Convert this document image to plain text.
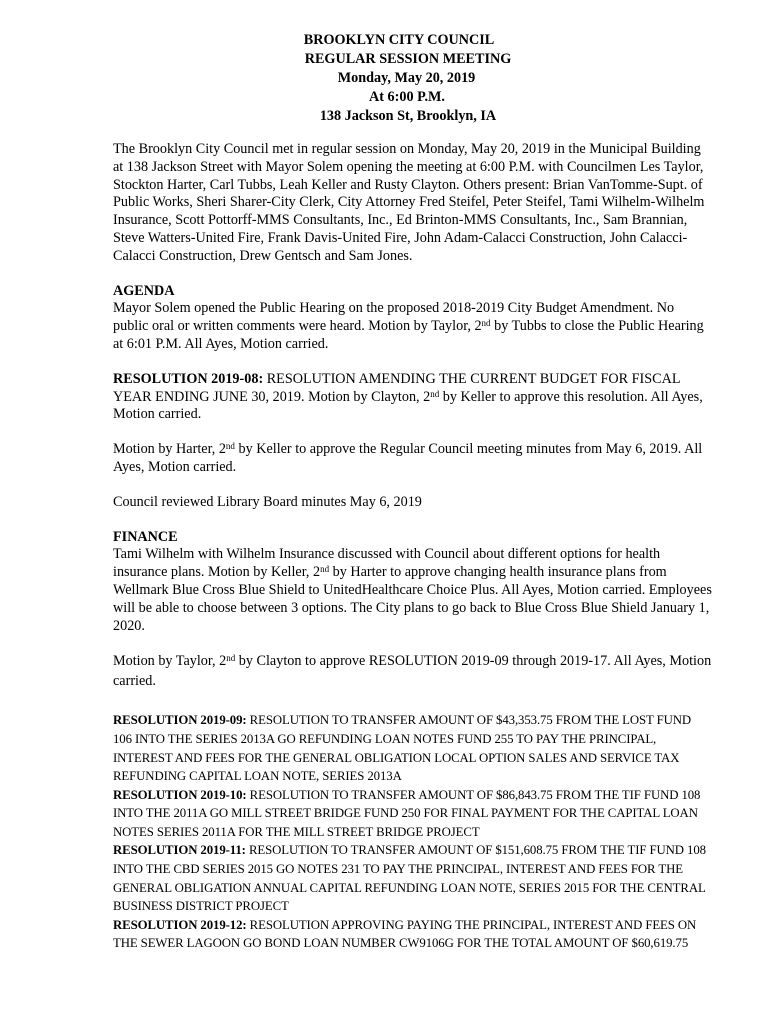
BROOKLYN CITY COUNCIL
REGULAR SESSION MEETING
Monday, May 20, 2019
At 6:00 P.M.
138 Jackson St, Brooklyn, IA

The Brooklyn City Council met in regular session on Monday, May 20, 2019 in the Municipal Building at 138 Jackson Street with Mayor Solem opening the meeting at 6:00 P.M. with Councilmen Les Taylor, Stockton Harter, Carl Tubbs, Leah Keller and Rusty Clayton. Others present: Brian VanTomme-Supt. of Public Works, Sheri Sharer-City Clerk, City Attorney Fred Steifel, Peter Steifel, Tami Wilhelm-Wilhelm Insurance, Scott Pottorff-MMS Consultants, Inc., Ed Brinton-MMS Consultants, Inc., Sam Brannian, Steve Watters-United Fire, Frank Davis-United Fire, John Adam-Calacci Construction, John Calacci-Calacci Construction, Drew Gentsch and Sam Jones.

AGENDA

Mayor Solem opened the Public Hearing on the proposed 2018-2019 City Budget Amendment. No public oral or written comments were heard. Motion by Taylor, 2nd by Tubbs to close the Public Hearing at 6:01 P.M. All Ayes, Motion carried.

RESOLUTION 2019-08: RESOLUTION AMENDING THE CURRENT BUDGET FOR FISCAL YEAR ENDING JUNE 30, 2019. Motion by Clayton, 2nd by Keller to approve this resolution. All Ayes, Motion carried.

Motion by Harter, 2nd by Keller to approve the Regular Council meeting minutes from May 6, 2019. All Ayes, Motion carried.

Council reviewed Library Board minutes May 6, 2019

FINANCE

Tami Wilhelm with Wilhelm Insurance discussed with Council about different options for health insurance plans. Motion by Keller, 2nd by Harter to approve changing health insurance plans from Wellmark Blue Cross Blue Shield to UnitedHealthcare Choice Plus. All Ayes, Motion carried. Employees will be able to choose between 3 options. The City plans to go back to Blue Cross Blue Shield January 1, 2020.

Motion by Taylor, 2nd by Clayton to approve RESOLUTION 2019-09 through 2019-17. All Ayes, Motion carried.

RESOLUTION 2019-09: RESOLUTION TO TRANSFER AMOUNT OF $43,353.75 FROM THE LOST FUND 106 INTO THE SERIES 2013A GO REFUNDING LOAN NOTES FUND 255 TO PAY THE PRINCIPAL, INTEREST AND FEES FOR THE GENERAL OBLIGATION LOCAL OPTION SALES AND SERVICE TAX REFUNDING CAPITAL LOAN NOTE, SERIES 2013A

RESOLUTION 2019-10: RESOLUTION TO TRANSFER AMOUNT OF $86,843.75 FROM THE TIF FUND 108 INTO THE 2011A GO MILL STREET BRIDGE FUND 250 FOR FINAL PAYMENT FOR THE CAPITAL LOAN NOTES SERIES 2011A FOR THE MILL STREET BRIDGE PROJECT

RESOLUTION 2019-11: RESOLUTION TO TRANSFER AMOUNT OF $151,608.75 FROM THE TIF FUND 108 INTO THE CBD SERIES 2015 GO NOTES 231 TO PAY THE PRINCIPAL, INTEREST AND FEES FOR THE GENERAL OBLIGATION ANNUAL CAPITAL REFUNDING LOAN NOTE, SERIES 2015 FOR THE CENTRAL BUSINESS DISTRICT PROJECT

RESOLUTION 2019-12: RESOLUTION APPROVING PAYING THE PRINCIPAL, INTEREST AND FEES ON THE SEWER LAGOON GO BOND LOAN NUMBER CW9106G FOR THE TOTAL AMOUNT OF $60,619.75
